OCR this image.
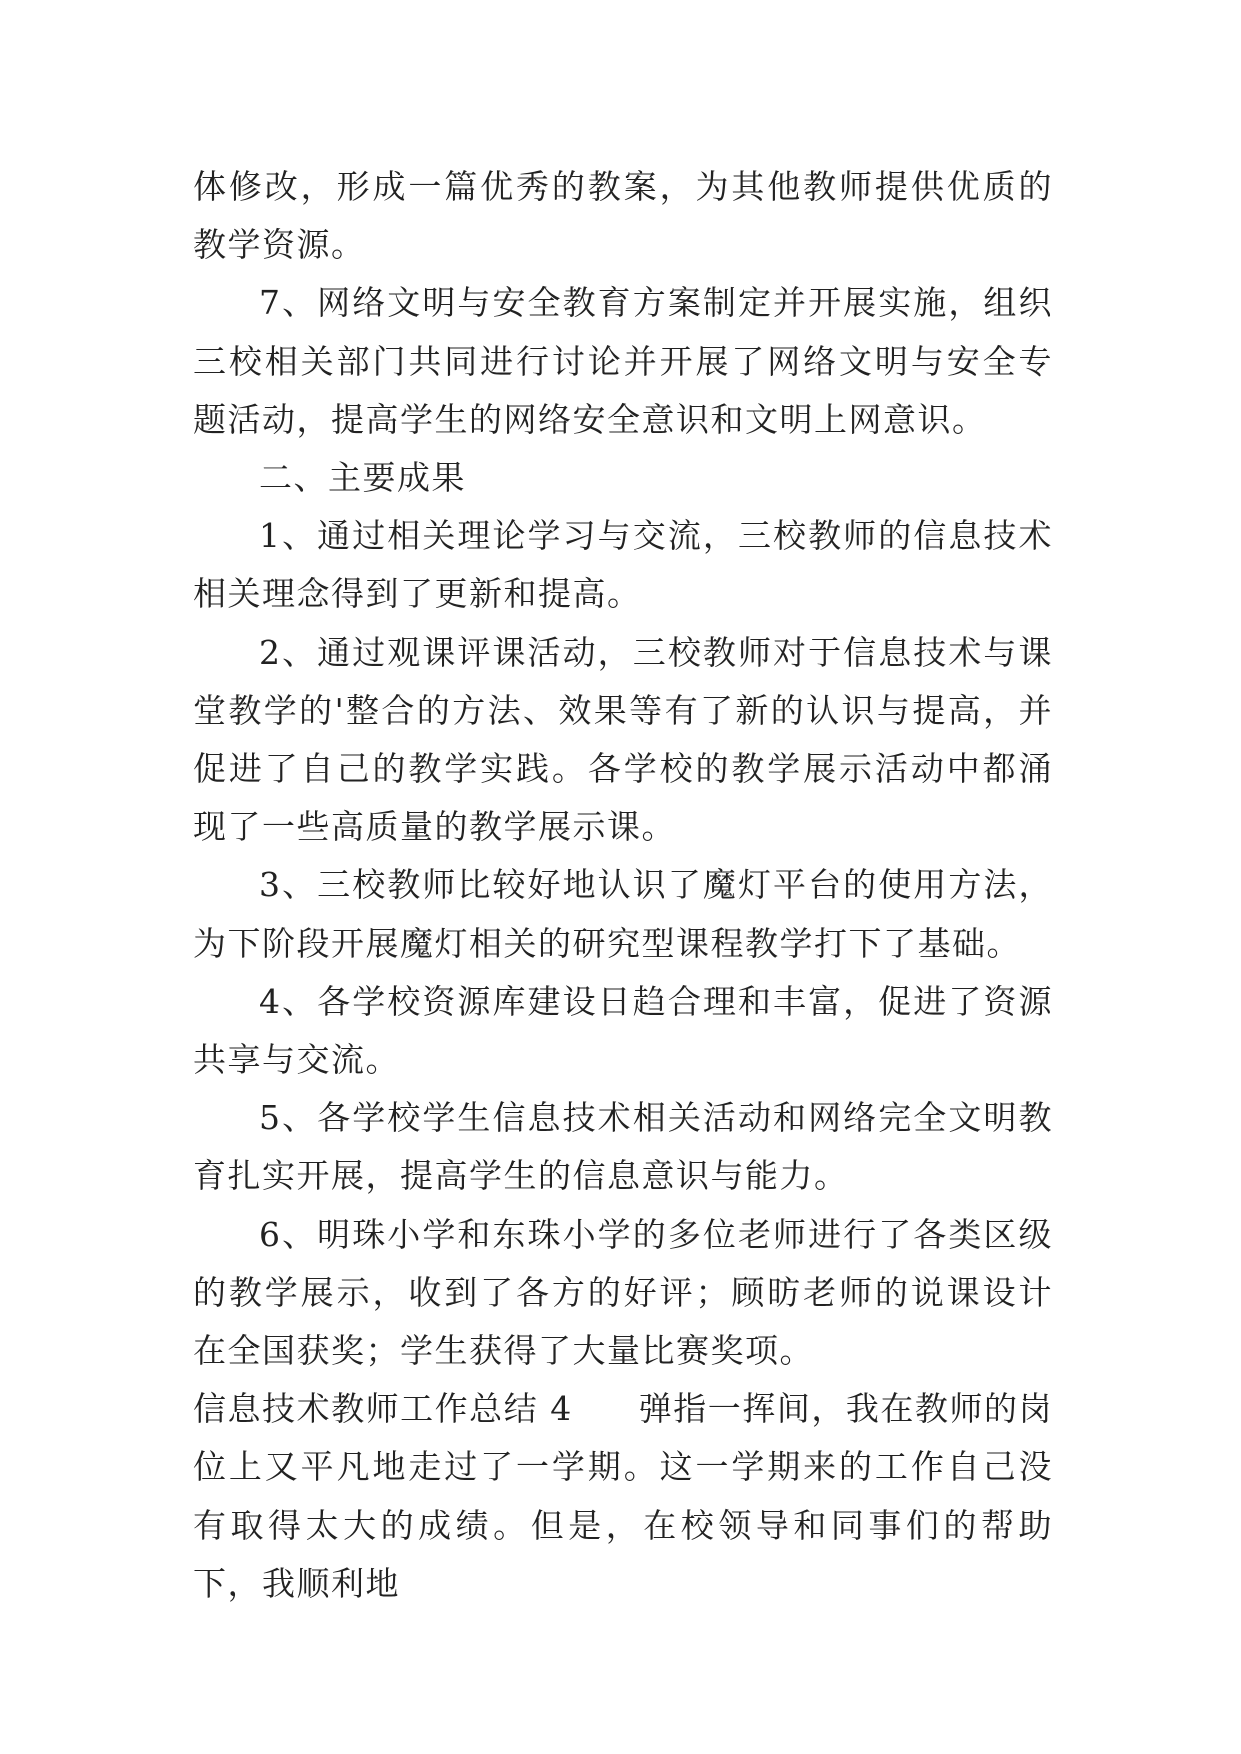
体修改，形成一篇优秀的教案，为其他教师提供优质的教学资源。

7、网络文明与安全教育方案制定并开展实施，组织三校相关部门共同进行讨论并开展了网络文明与安全专题活动，提高学生的网络安全意识和文明上网意识。

二、主要成果

1、通过相关理论学习与交流，三校教师的信息技术相关理念得到了更新和提高。

2、通过观课评课活动，三校教师对于信息技术与课堂教学的'整合的方法、效果等有了新的认识与提高，并促进了自己的教学实践。各学校的教学展示活动中都涌现了一些高质量的教学展示课。

3、三校教师比较好地认识了魔灯平台的使用方法，为下阶段开展魔灯相关的研究型课程教学打下了基础。

4、各学校资源库建设日趋合理和丰富，促进了资源共享与交流。

5、各学校学生信息技术相关活动和网络完全文明教育扎实开展，提高学生的信息意识与能力。

6、明珠小学和东珠小学的多位老师进行了各类区级的教学展示，收到了各方的好评；顾昉老师的说课设计在全国获奖；学生获得了大量比赛奖项。

信息技术教师工作总结 4 弹指一挥间，我在教师的岗位上又平凡地走过了一学期。这一学期来的工作自己没有取得太大的成绩。但是，在校领导和同事们的帮助下，我顺利地
